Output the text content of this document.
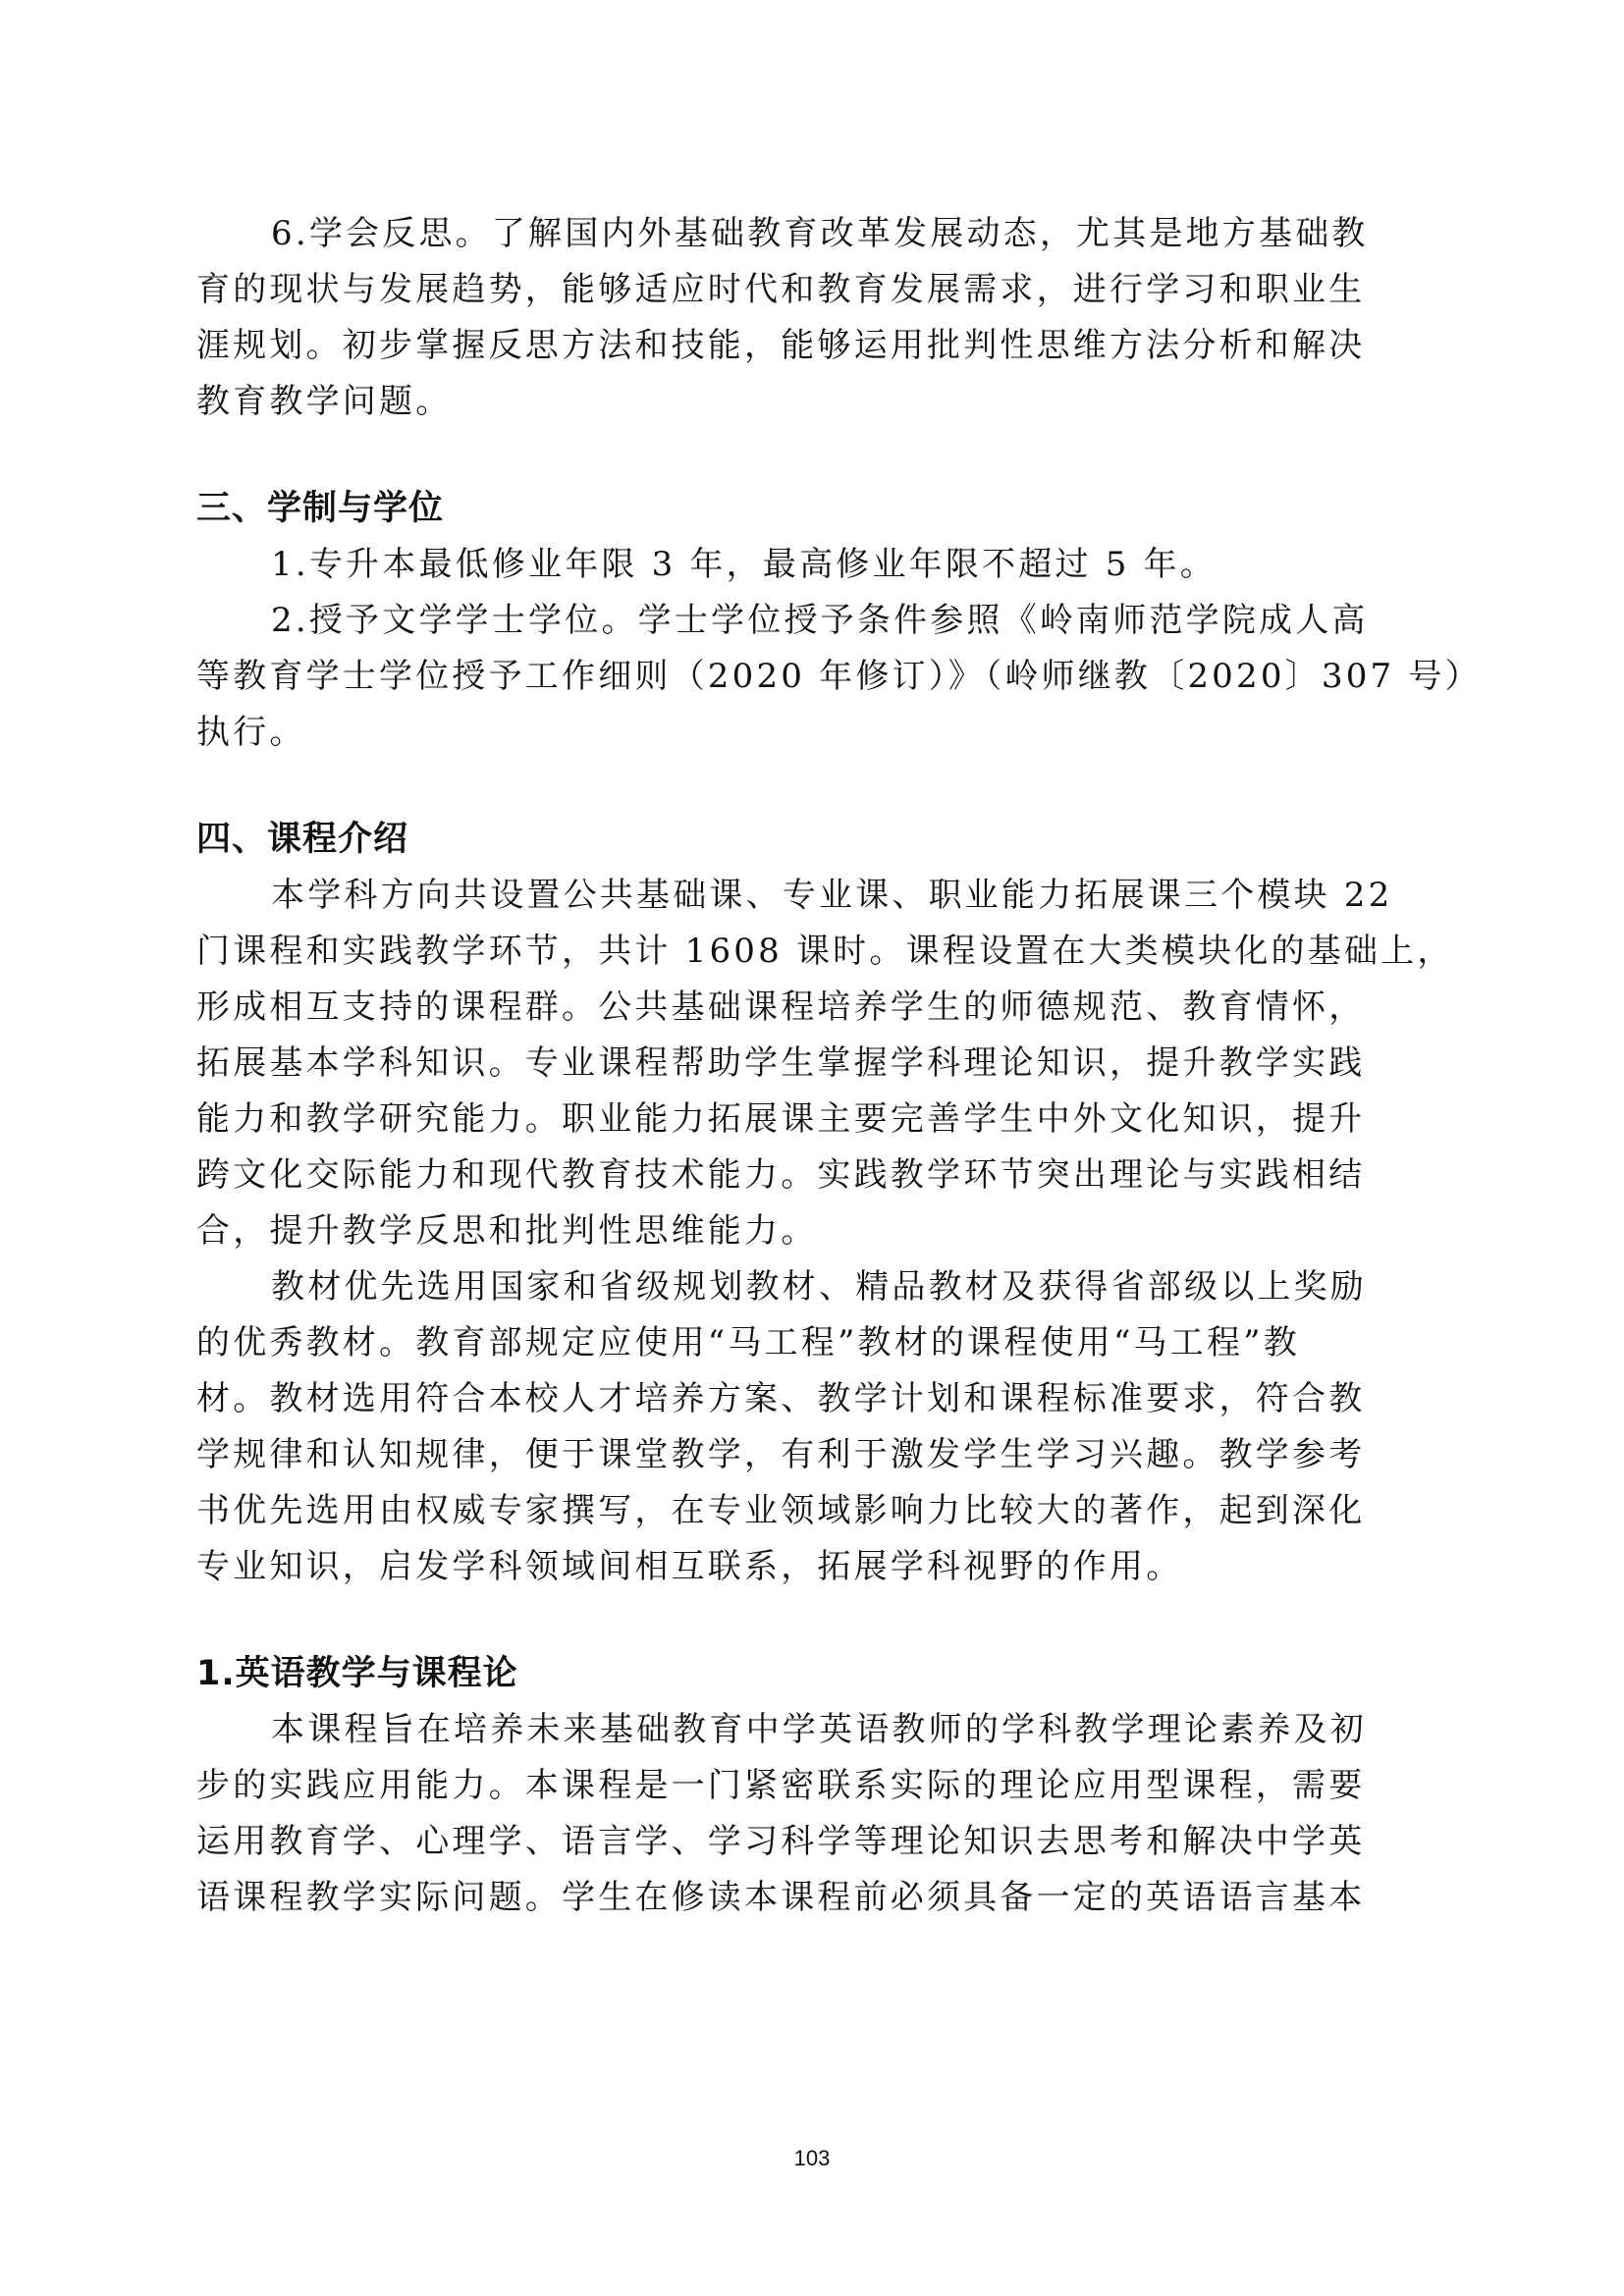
6.学会反思。了解国内外基础教育改革发展动态，尤其是地方基础教
育的现状与发展趋势，能够适应时代和教育发展需求，进行学习和职业生
涯规划。初步掌握反思方法和技能，能够运用批判性思维方法分析和解决
教育教学问题。
三、学制与学位
1.专升本最低修业年限 3 年，最高修业年限不超过 5 年。
2.授予文学学士学位。学士学位授予条件参照《岭南师范学院成人高
等教育学士学位授予工作细则（2020 年修订）》（岭师继教〔2020〕307 号）
执行。
四、课程介绍
本学科方向共设置公共基础课、专业课、职业能力拓展课三个模块 22
门课程和实践教学环节，共计 1608 课时。课程设置在大类模块化的基础上，
形成相互支持的课程群。公共基础课程培养学生的师德规范、教育情怀，
拓展基本学科知识。专业课程帮助学生掌握学科理论知识，提升教学实践
能力和教学研究能力。职业能力拓展课主要完善学生中外文化知识，提升
跨文化交际能力和现代教育技术能力。实践教学环节突出理论与实践相结
合，提升教学反思和批判性思维能力。
教材优先选用国家和省级规划教材、精品教材及获得省部级以上奖励
的优秀教材。教育部规定应使用“马工程”教材的课程使用“马工程”教
材。教材选用符合本校人才培养方案、教学计划和课程标准要求，符合教
学规律和认知规律，便于课堂教学，有利于激发学生学习兴趣。教学参考
书优先选用由权威专家撰写，在专业领域影响力比较大的著作，起到深化
专业知识，启发学科领域间相互联系，拓展学科视野的作用。
1.英语教学与课程论
本课程旨在培养未来基础教育中学英语教师的学科教学理论素养及初
步的实践应用能力。本课程是一门紧密联系实际的理论应用型课程，需要
运用教育学、心理学、语言学、学习科学等理论知识去思考和解决中学英
语课程教学实际问题。学生在修读本课程前必须具备一定的英语语言基本
103
